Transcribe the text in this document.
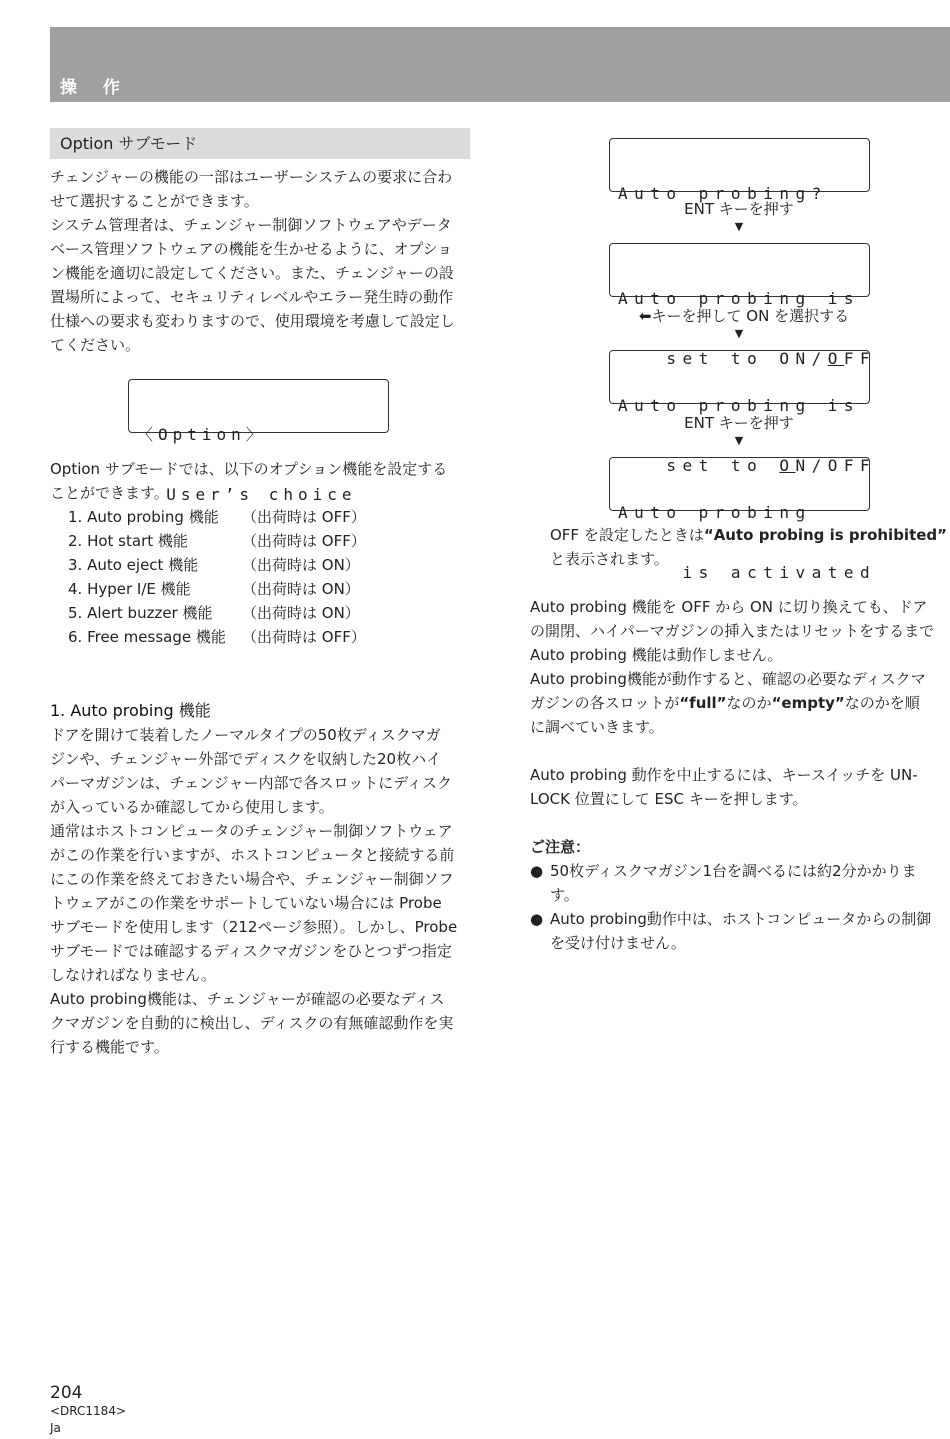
操 作
Option サブモード

チェンジャーの機能の一部はユーザーシステムの要求に合わ
せて選択することができます。
システム管理者は、チェンジャー制御ソフトウェアやデータ
ベース管理ソフトウェアの機能を生かせるように、オプショ
ン機能を適切に設定してください。また、チェンジャーの設
置場所によって、セキュリティレベルやエラー発生時の動作
仕様への要求も変わりますので、使用環境を考慮して設定し
てください。

〈Option〉

User’s choice

Option サブモードでは、以下のオプション機能を設定する
ことができます。

1. Auto probing 機能 （出荷時は OFF）
2. Hot start 機能	（出荷時は OFF）
3. Auto eject 機能	（出荷時は ON）
4. Hyper I/E 機能	（出荷時は ON）
5. Alert buzzer 機能 （出荷時は ON）
6. Free message 機能 （出荷時は OFF）

1. Auto probing 機能

ドアを開けて装着したノーマルタイプの50枚ディスクマガ
ジンや、チェンジャー外部でディスクを収納した20枚ハイ
パーマガジンは、チェンジャー内部で各スロットにディスク
が入っているか確認してから使用します。
通常はホストコンピュータのチェンジャー制御ソフトウェア
がこの作業を行いますが、ホストコンピュータと接続する前
にこの作業を終えておきたい場合や、チェンジャー制御ソフ
トウェアがこの作業をサポートしていない場合には Probe
サブモードを使用します（212ページ参照）。しかし、Probe
サブモードでは確認するディスクマガジンをひとつずつ指定
しなければなりません。
Auto probing機能は、チェンジャーが確認の必要なディス
クマガジンを自動的に検出し、ディスクの有無確認動作を実
行する機能です。

Auto probing?

ENT キーを押す
▼

Auto probing is

set to ON/OFF

⬅キーを押して ON を選択する
▼

Auto probing is

set to ON/OFF

ENT キーを押す
▼

Auto probing

is activated

OFF を設定したときは“Auto probing is prohibited”
と表示されます。

Auto probing 機能を OFF から ON に切り換えても、ドア
の開閉、ハイパーマガジンの挿入またはリセットをするまで
Auto probing 機能は動作しません。
Auto probing機能が動作すると、確認の必要なディスクマ
ガジンの各スロットが“full”なのか“empty”なのかを順
に調べていきます。

Auto probing 動作を中止するには、キースイッチを UN-
LOCK 位置にして ESC キーを押します。

ご注意：

● 50枚ディスクマガジン1台を調べるには約2分かかりま
す。
● Auto probing動作中は、ホストコンピュータからの制御
を受け付けません。
204
<DRC1184>
Ja
